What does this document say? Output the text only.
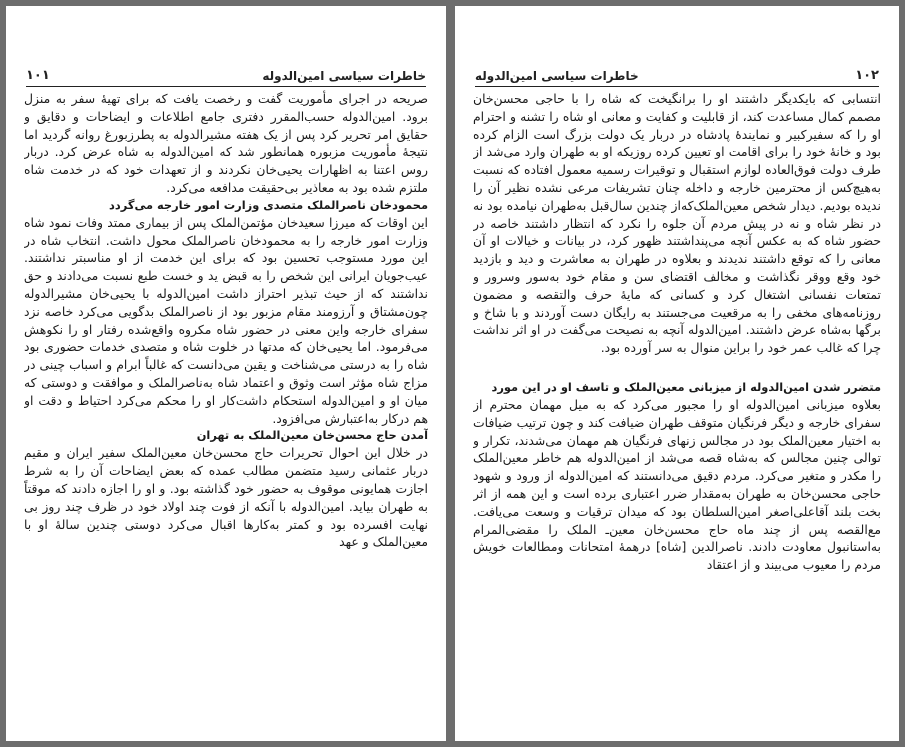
۱۰۱	خاطرات سیاسی امین‌الدوله

صریحه در اجرای مأموریت گفت و رخصت یافت که برای تهیهٔ سفر به منزل برود. امین‌الدوله حسب‌المقرر دفتری جامع اطلاعات و ایضاحات و دقایق و حقایق امر تحریر کرد پس از یک هفته مشیرالدوله به پطرزبورغ روانه گردید اما نتیجهٔ مأموریت مزبوره همانطور شد که امین‌الدوله به شاه عرض کرد. دربار روس اعتنا به اظهارات یحیی‌خان نکردند و از تعهدات خود که در خدمت شاه ملتزم شده بود به معاذیر بی‌حقیقت مدافعه می‌کرد.

محمودخان ناصرالملک متصدی وزارت امور خارجه می‌گردد

این اوقات که میرزا سعیدخان مؤتمن‌الملک پس از بیماری ممتد وفات نمود شاه وزارت امور خارجه را به محمودخان ناصرالملک محول داشت. انتخاب شاه در این مورد مستوجب تحسین بود که برای این خدمت از او مناسبتر نداشتند. عیب‌جویان ایرانی این شخص را به قبض ید و خست طبع نسبت می‌دادند و حق نداشتند که از حیث تبذیر احتراز داشت امین‌الدوله با یحیی‌خان مشیرالدوله چون‌مشتاق و آرزومند مقام مزبور بود از ناصرالملک بدگویی می‌کرد خاصه نزد سفرای خارجه واین معنی در حضور شاه مکروه واقع‌شده رفتار او را نکوهش می‌فرمود. اما یحیی‌خان که مدتها در خلوت شاه و متصدی خدمات حضوری بود شاه را به درستی می‌شناخت و یقین می‌دانست که غالباً ابرام و اسباب چینی در مزاج شاه مؤثر است وثوق و اعتماد شاه به‌ناصرالملک و موافقت و دوستی که میان او و امین‌الدوله استحکام داشت‌کار او را محکم می‌کرد احتیاط و دقت او هم درکار به‌اعتبارش می‌افزود.

آمدن حاج محسن‌خان معین‌الملک به تهران

در خلال این احوال تحریرات حاج محسن‌خان معین‌الملک سفیر ایران و مقیم دربار عثمانی رسید متضمن مطالب عمده که بعض ایضاحات آن را به شرط اجازت همایونی موقوف به حضور خود گذاشته بود. و او را اجازه دادند که موقتاً به طهران بیاید. امین‌الدوله با آنکه از فوت چند اولاد خود در ظرف چند روز بی نهایت افسرده بود و کمتر به‌کارها اقبال می‌کرد دوستی چندین سالهٔ او با معین‌الملک و عهد

خاطرات سیاسی امین‌الدوله	۱۰۲

انتسابی که بایکدیگر داشتند او را برانگیخت که شاه را با حاجی محسن‌خان مصمم کمال مساعدت کند، از قابلیت و کفایت و معانی او شاه را تشنه و احترام او را که سفیرکبیر و نمایندهٔ پادشاه در دربار یک دولت بزرگ است الزام کرده بود و خانهٔ خود را برای اقامت او تعیین کرده روزیکه او به طهران وارد می‌شد از طرف دولت فوق‌العاده لوازم استقبال و توقیرات رسمیه معمول افتاده که نسبت به‌هیچ‌کس از محترمین خارجه و داخله چنان تشریفات مرعی نشده نظیر آن را ندیده بودیم. دیدار شخص معین‌الملک‌که‌از چندین سال‌قبل به‌طهران نیامده بود نه در نظر شاه و نه در پیش مردم آن جلوه را نکرد که انتظار داشتند خاصه در حضور شاه که به عکس آنچه می‌پنداشتند ظهور کرد، در بیانات و خیالات او آن معانی را که توقع داشتند ندیدند و بعلاوه در طهران به معاشرت و دید و بازدید خود وقع ووقر نگذاشت و مخالف اقتضای سن و مقام خود به‌سور وسرور و تمتعات نفسانی اشتغال کرد و کسانی که مایهٔ حرف والتقصه و مضمون روزنامه‌های مخفی را به مرقعیت می‌جستند به رایگان دست آوردند و با شاخ و برگها به‌شاه عرض داشتند. امین‌الدوله آنچه به نصیحت می‌گفت در او اثر نداشت چرا که غالب عمر خود را براین منوال به سر آورده بود.

متضرر شدن امین‌الدوله از میزبانی معین‌الملک و تاسف او در این مورد

بعلاوه میزبانی امین‌الدوله او را مجبور می‌کرد که به میل مهمان محترم از سفرای خارجه و دیگر فرنگیان متوقف طهران ضیافت کند و چون ترتیب ضیافات به اختیار معین‌الملک بود در مجالس زنهای فرنگیان هم مهمان می‌شدند، تکرار و توالی چنین مجالس که به‌شاه قصه می‌شد از امین‌الدوله هم خاطر معین‌الملک را مکدر و متغیر می‌کرد. مردم دقیق می‌دانستند که امین‌الدوله از ورود و شهود حاجی محسن‌خان به طهران به‌مقدار ضرر اعتباری برده است و این همه از اثر بخت بلند آقاعلی‌اصغر امین‌السلطان بود که میدان ترقیات و وسعت می‌یافت. مع‌القصه پس از چند ماه حاج محسن‌خان معین‌ـ الملک را مقضی‌المرام به‌استانبول معاودت دادند. ناصرالدین [شاه] درهمهٔ امتحانات ومطالعات خویش مردم را معیوب می‌بیند و از اعتقاد
